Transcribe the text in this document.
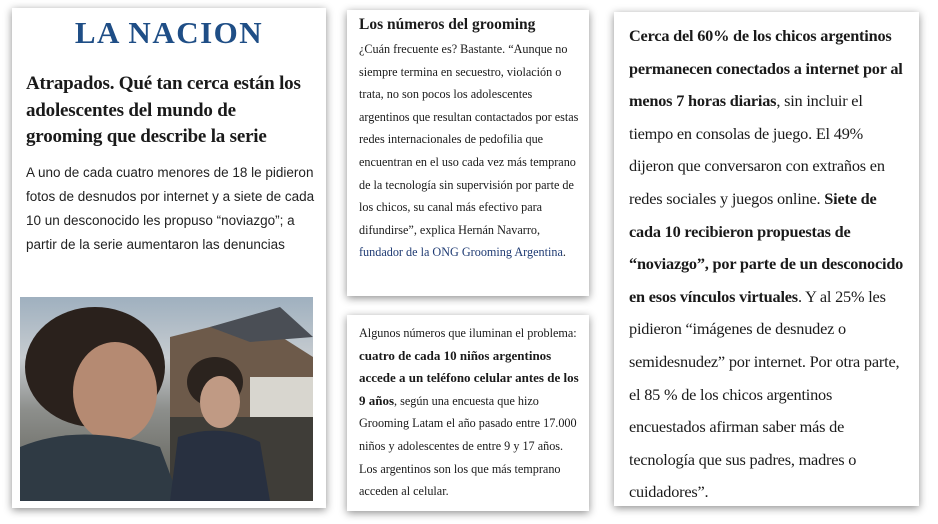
LA NACION
Atrapados. Qué tan cerca están los adolescentes del mundo de grooming que describe la serie
A uno de cada cuatro menores de 18 le pidieron fotos de desnudos por internet y a siete de cada 10 un desconocido les propuso “noviazgo”; a partir de la serie aumentaron las denuncias
Los números del grooming
¿Cuán frecuente es? Bastante. “Aunque no siempre termina en secuestro, violación o trata, no son pocos los adolescentes argentinos que resultan contactados por estas redes internacionales de pedofilia que encuentran en el uso cada vez más temprano de la tecnología sin supervisión por parte de los chicos, su canal más efectivo para difundirse”, explica Hernán Navarro, fundador de la ONG Grooming Argentina.
Algunos números que iluminan el problema: cuatro de cada 10 niños argentinos accede a un teléfono celular antes de los 9 años, según una encuesta que hizo Grooming Latam el año pasado entre 17.000 niños y adolescentes de entre 9 y 17 años. Los argentinos son los que más temprano acceden al celular.
Cerca del 60% de los chicos argentinos permanecen conectados a internet por al menos 7 horas diarias, sin incluir el tiempo en consolas de juego. El 49% dijeron que conversaron con extraños en redes sociales y juegos online. Siete de cada 10 recibieron propuestas de “noviazgo”, por parte de un desconocido en esos vínculos virtuales. Y al 25% les pidieron “imágenes de desnudez o semidesnudez” por internet. Por otra parte, el 85 % de los chicos argentinos encuestados afirman saber más de tecnología que sus padres, madres o cuidadores”.
